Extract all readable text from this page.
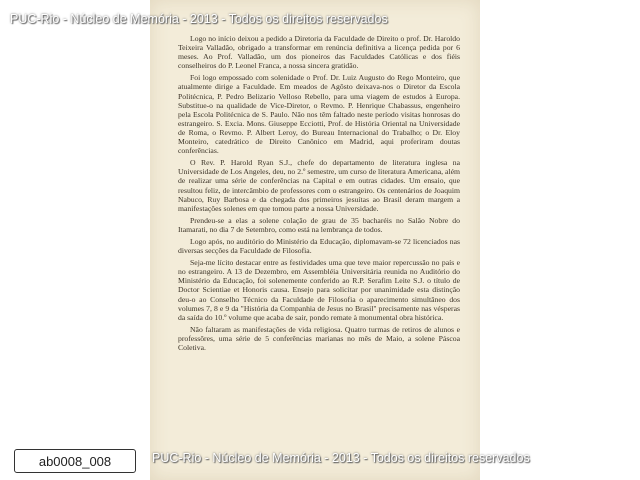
Logo no início deixou a pedido a Diretoria da Faculdade de Direito o prof. Dr. Haroldo Teixeira Valladão, obrigado a transformar em renúncia definitiva a licença pedida por 6 meses. Ao Prof. Valladão, um dos pioneiros das Faculdades Católicas e dos fiéis conselheiros do P. Leonel Franca, a nossa sincera gratidão.

Foi logo empossado com solenidade o Prof. Dr. Luiz Augusto do Rego Monteiro, que atualmente dirige a Faculdade. Em meados de Agôsto deixava-nos o Diretor da Escola Politécnica, P. Pedro Belizario Velloso Rebello, para uma viagem de estudos à Europa. Substitue-o na qualidade de Vice-Diretor, o Revmo. P. Henrique Chabassus, engenheiro pela Escola Politécnica de S. Paulo. Não nos têm faltado neste período visitas honrosas do estrangeiro. S. Excia. Mons. Giuseppe Ecciotti, Prof. de História Oriental na Universidade de Roma, o Revmo. P. Albert Leroy, do Bureau Internacional do Trabalho; o Dr. Eloy Monteiro, catedrático de Direito Canônico em Madrid, aqui proferiram doutas conferências.

O Rev. P. Harold Ryan S.J., chefe do departamento de literatura inglesa na Universidade de Los Angeles, deu, no 2.º semestre, um curso de literatura Americana, além de realizar uma série de conferências na Capital e em outras cidades. Um ensaio, que resultou feliz, de intercâmbio de professores com o estrangeiro. Os centenários de Joaquim Nabuco, Ruy Barbosa e da chegada dos primeiros jesuítas ao Brasil deram margem a manifestações solenes em que tomou parte a nossa Universidade.

Prendeu-se a elas a solene colação de grau de 35 bacharéis no Salão Nobre do Itamarati, no dia 7 de Setembro, como está na lembrança de todos.

Logo após, no auditório do Ministério da Educação, diplomavam-se 72 licenciados nas diversas secções da Faculdade de Filosofia.

Seja-me lícito destacar entre as festividades uma que teve maior repercussão no país e no estrangeiro. A 13 de Dezembro, em Assembléia Universitária reunida no Auditório do Ministério da Educação, foi solenemente conferido ao R.P. Serafim Leite S.J. o título de Doctor Scientiae et Honoris causa. Ensejo para solicitar por unanimidade esta distinção deu-o ao Conselho Técnico da Faculdade de Filosofia o aparecimento simultâneo dos volumes 7, 8 e 9 da "História da Companhia de Jesus no Brasil" precisamente nas vésperas da saída do 10.º volume que acaba de sair, pondo remate à monumental obra histórica.

Não faltaram as manifestações de vida religiosa. Quatro turmas de retiros de alunos e professôres, uma série de 5 conferências marianas no mês de Maio, a solene Páscoa Coletiva.

PUC-Rio - Núcleo de Memória - 2013 - Todos os direitos reservados
PUC-Rio - Núcleo de Memória - 2013 - Todos os direitos reservados
ab0008_008
